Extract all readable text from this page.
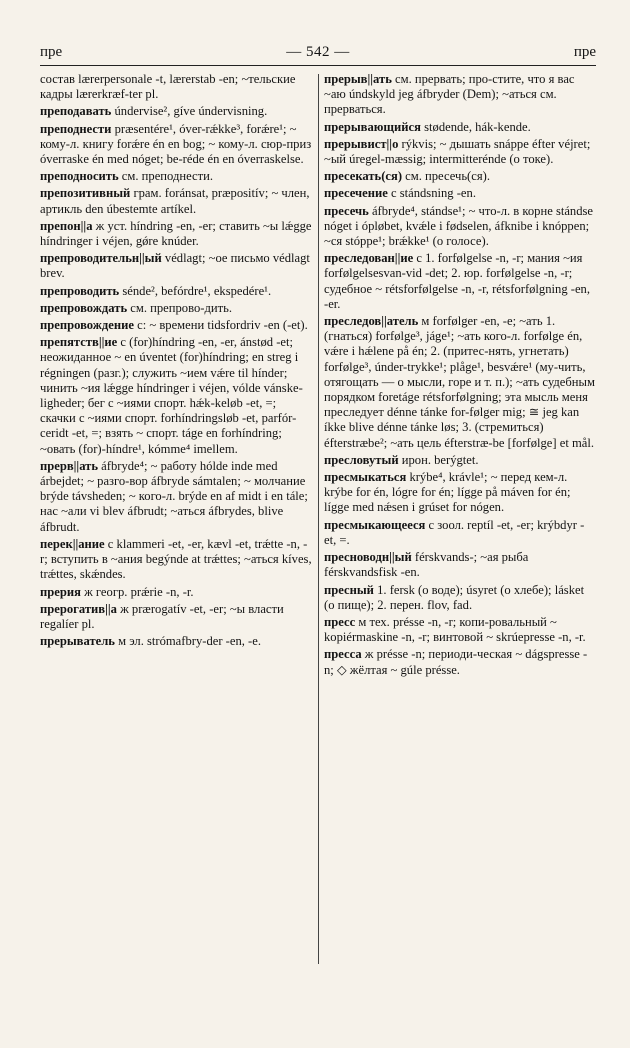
пре	— 542 —	пре

состав lærerpersonale -t, lærerstab -en; ~тельские кадры lærerkræf-ter pl.

преподавать úndervise², gíve úndervisning.

преподнести præsentére¹, óver-rǽkke³, forǽre¹; ~ кому-л. книгу forǽre én en bog; ~ кому-л. сюр-приз óverraske én med nóget; be-réde én en óverraskelse.

преподносить см. преподнести.

препозитивный грам. foránsat, præpositív; ~ член, артикль den úbestemte artíkel.

препон||а ж уст. híndring -en, -er; ставить ~ы lǽgge híndringer i véjen, gǿre knúder.

препроводительн||ый védlagt; ~ое письмо védlagt brev.

препроводить sénde², befórdre¹, ekspedére¹.

препровождать см. препрово-дить.

препровождение с: ~ времени tidsfordriv -en (-et).

препятств||ие с (for)híndring -en, -er, ánstød -et; неожиданное ~ en úventet (for)híndring; en streg i régningen (разг.); служить ~ием vǽre til hínder; чинить ~ия lǽgge híndringer i véjen, vólde vánske-ligheder; бег с ~иями спорт. hǽk-keløb -et, =; скачки с ~иями спорт. forhíndringsløb -et, parfór-ceridt -et, =; взять ~ спорт. táge en forhíndring; ~овать (for)-híndre¹, kómme⁴ imellem.

прерв||ать áfbryde⁴; ~ работу hólde inde med árbejdet; ~ разго-вор áfbryde sámtalen; ~ молчание brýde távsheden; ~ кого-л. brýde en af midt i en tále; нас ~али vi blev áfbrudt; ~аться áfbrydes, blive áfbrudt.

перек||ание с klammeri -et, -er, kævl -et, trǽtte -n, -r; вступить в ~ания begýnde at trǽttes; ~аться kíves, trǽttes, skǽndes.

прерия ж геогр. prǽrie -n, -r.

прерогатив||а ж prærogatív -et, -er; ~ы власти regalíer pl.

прерыватель м эл. strómafbry-der -en, -e.

прерыв||ать см. прервать; про-стите, что я вас ~аю úndskyld jeg áfbryder (Dem); ~аться см. прерваться.

прерывающийся stødende, hák-kende.

прерывист||о rýkvis; ~ дышать snáppe éfter véjret; ~ый úregel-mæssig; intermitterénde (о токе).

пресекать(ся) см. пресечь(ся).

пресечение с stándsning -en.

пресечь áfbryde⁴, stándse¹; ~ что-л. в корне stándse nóget i ópløbet, kvǽle i fødselen, áfknibe i knóppen; ~ся stóppe¹; brǽkke¹ (о голосе).

преследован||ие с 1. forfølgelse -n, -r; мания ~ия forfølgelsesvan-vid -det; 2. юр. forfølgelse -n, -r; судебное ~ rétsforfølgelse -n, -r, rétsforfølgning -en, -er.

преследов||атель м forfølger -en, -e; ~ать 1. (гнаться) forfølge³, jáge¹; ~ать кого-л. forfølge én, vǽre i hǽlene på én; 2. (притес-нять, угнетать) forfølge³, únder-trykke¹; plåge¹, besvǽre¹ (му-чить, отягощать — о мысли, горе и т. п.); ~ать судебным порядком foretáge rétsforfølgning; эта мысль меня преследует dénne tánke for-følger mig; ≅ jeg kan íkke blive dénne tánke løs; 3. (стремиться) éfterstræbe²; ~ать цель éfterstræ-be [forfølge] et mål.

пресловутый ирон. berýgtet.

пресмыкаться krýbe⁴, krávle¹; ~ перед кем-л. krýbe for én, lógre for én; lígge på máven for én; lígge med nǽsen i grúset for nógen.

пресмыкающееся с зоол. reptíl -et, -er; krýbdyr -et, =.

пресноводн||ый férskvands-; ~ая рыба férskvandsfisk -en.

пресный 1. fersk (о воде); úsyret (о хлебе); lásket (о пище); 2. перен. flov, fad.

пресс м тех. présse -n, -r; копи-ровальный ~ kopiérmaskine -n, -r; винтовой ~ skrúepresse -n, -r.

пресса ж présse -n; периоди-ческая ~ dágspresse -n; ◇ жёлтая ~ gúle présse.
